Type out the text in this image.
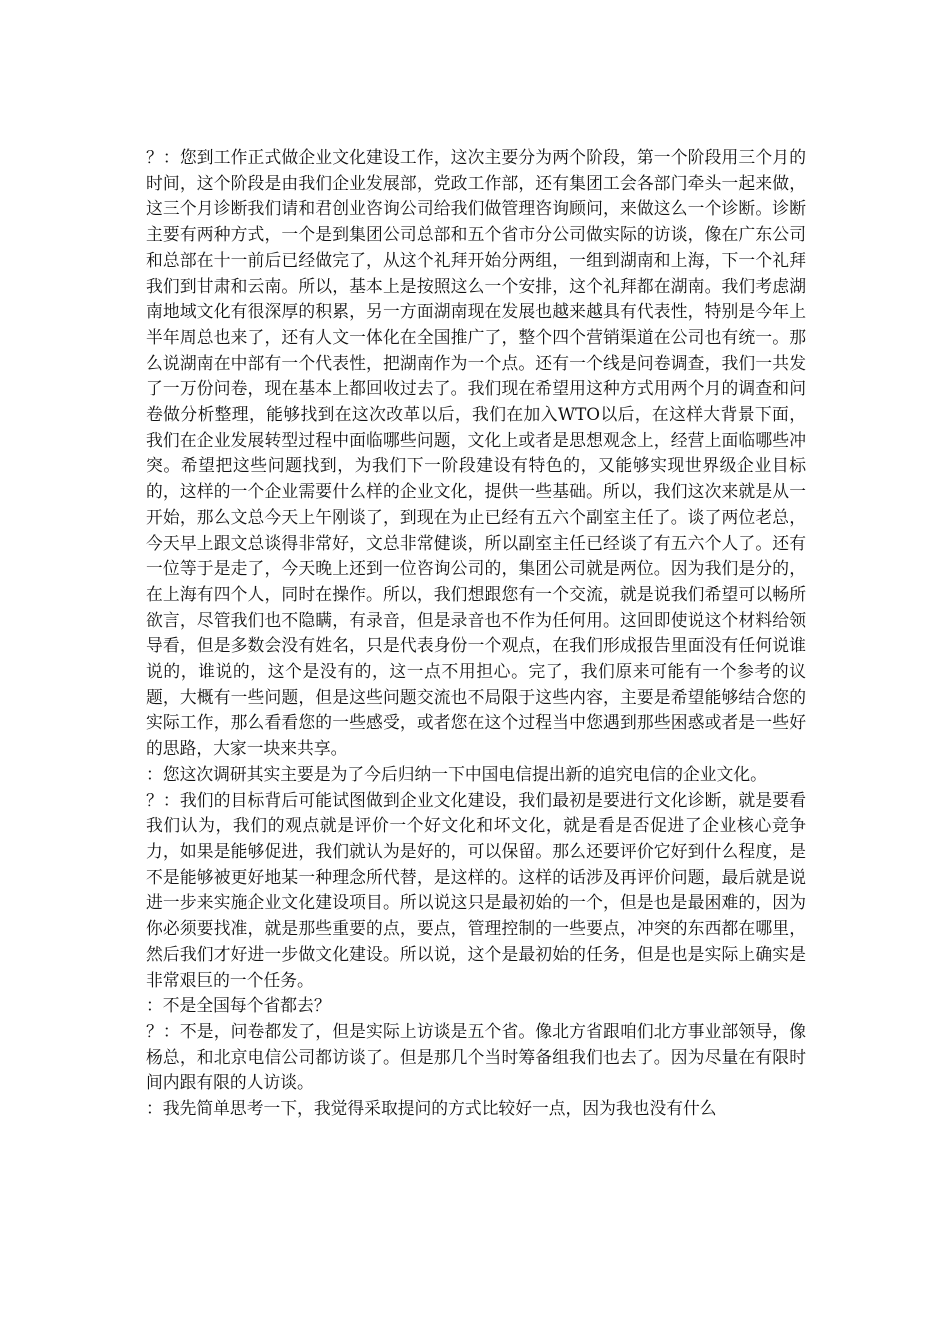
？：您到工作正式做企业文化建设工作，这次主要分为两个阶段，第一个阶段用三个月的时间，这个阶段是由我们企业发展部，党政工作部，还有集团工会各部门牵头一起来做，这三个月诊断我们请和君创业咨询公司给我们做管理咨询顾问，来做这么一个诊断。诊断主要有两种方式，一个是到集团公司总部和五个省市分公司做实际的访谈，像在广东公司和总部在十一前后已经做完了，从这个礼拜开始分两组，一组到湖南和上海，下一个礼拜我们到甘肃和云南。所以，基本上是按照这么一个安排，这个礼拜都在湖南。我们考虑湖南地域文化有很深厚的积累，另一方面湖南现在发展也越来越具有代表性，特别是今年上半年周总也来了，还有人文一体化在全国推广了，整个四个营销渠道在公司也有统一。那么说湖南在中部有一个代表性，把湖南作为一个点。还有一个线是问卷调查，我们一共发了一万份问卷，现在基本上都回收过去了。我们现在希望用这种方式用两个月的调查和问卷做分析整理，能够找到在这次改革以后，我们在加入WTO以后，在这样大背景下面，我们在企业发展转型过程中面临哪些问题，文化上或者是思想观念上，经营上面临哪些冲突。希望把这些问题找到，为我们下一阶段建设有特色的，又能够实现世界级企业目标的，这样的一个企业需要什么样的企业文化，提供一些基础。所以，我们这次来就是从一开始，那么文总今天上午刚谈了，到现在为止已经有五六个副室主任了。谈了两位老总，今天早上跟文总谈得非常好，文总非常健谈，所以副室主任已经谈了有五六个人了。还有一位等于是走了，今天晚上还到一位咨询公司的，集团公司就是两位。因为我们是分的，在上海有四个人，同时在操作。所以，我们想跟您有一个交流，就是说我们希望可以畅所欲言，尽管我们也不隐瞒，有录音，但是录音也不作为任何用。这回即使说这个材料给领导看，但是多数会没有姓名，只是代表身份一个观点，在我们形成报告里面没有任何说谁说的，谁说的，这个是没有的，这一点不用担心。完了，我们原来可能有一个参考的议题，大概有一些问题，但是这些问题交流也不局限于这些内容，主要是希望能够结合您的实际工作，那么看看您的一些感受，或者您在这个过程当中您遇到那些困惑或者是一些好的思路，大家一块来共享。

：您这次调研其实主要是为了今后归纳一下中国电信提出新的追究电信的企业文化。

？：我们的目标背后可能试图做到企业文化建设，我们最初是要进行文化诊断，就是要看我们认为，我们的观点就是评价一个好文化和坏文化，就是看是否促进了企业核心竞争力，如果是能够促进，我们就认为是好的，可以保留。那么还要评价它好到什么程度，是不是能够被更好地某一种理念所代替，是这样的。这样的话涉及再评价问题，最后就是说进一步来实施企业文化建设项目。所以说这只是最初始的一个，但是也是最困难的，因为你必须要找准，就是那些重要的点，要点，管理控制的一些要点，冲突的东西都在哪里，然后我们才好进一步做文化建设。所以说，这个是最初始的任务，但是也是实际上确实是非常艰巨的一个任务。

：不是全国每个省都去？

？：不是，问卷都发了，但是实际上访谈是五个省。像北方省跟咱们北方事业部领导，像杨总，和北京电信公司都访谈了。但是那几个当时筹备组我们也去了。因为尽量在有限时间内跟有限的人访谈。

：我先简单思考一下，我觉得采取提问的方式比较好一点，因为我也没有什么
